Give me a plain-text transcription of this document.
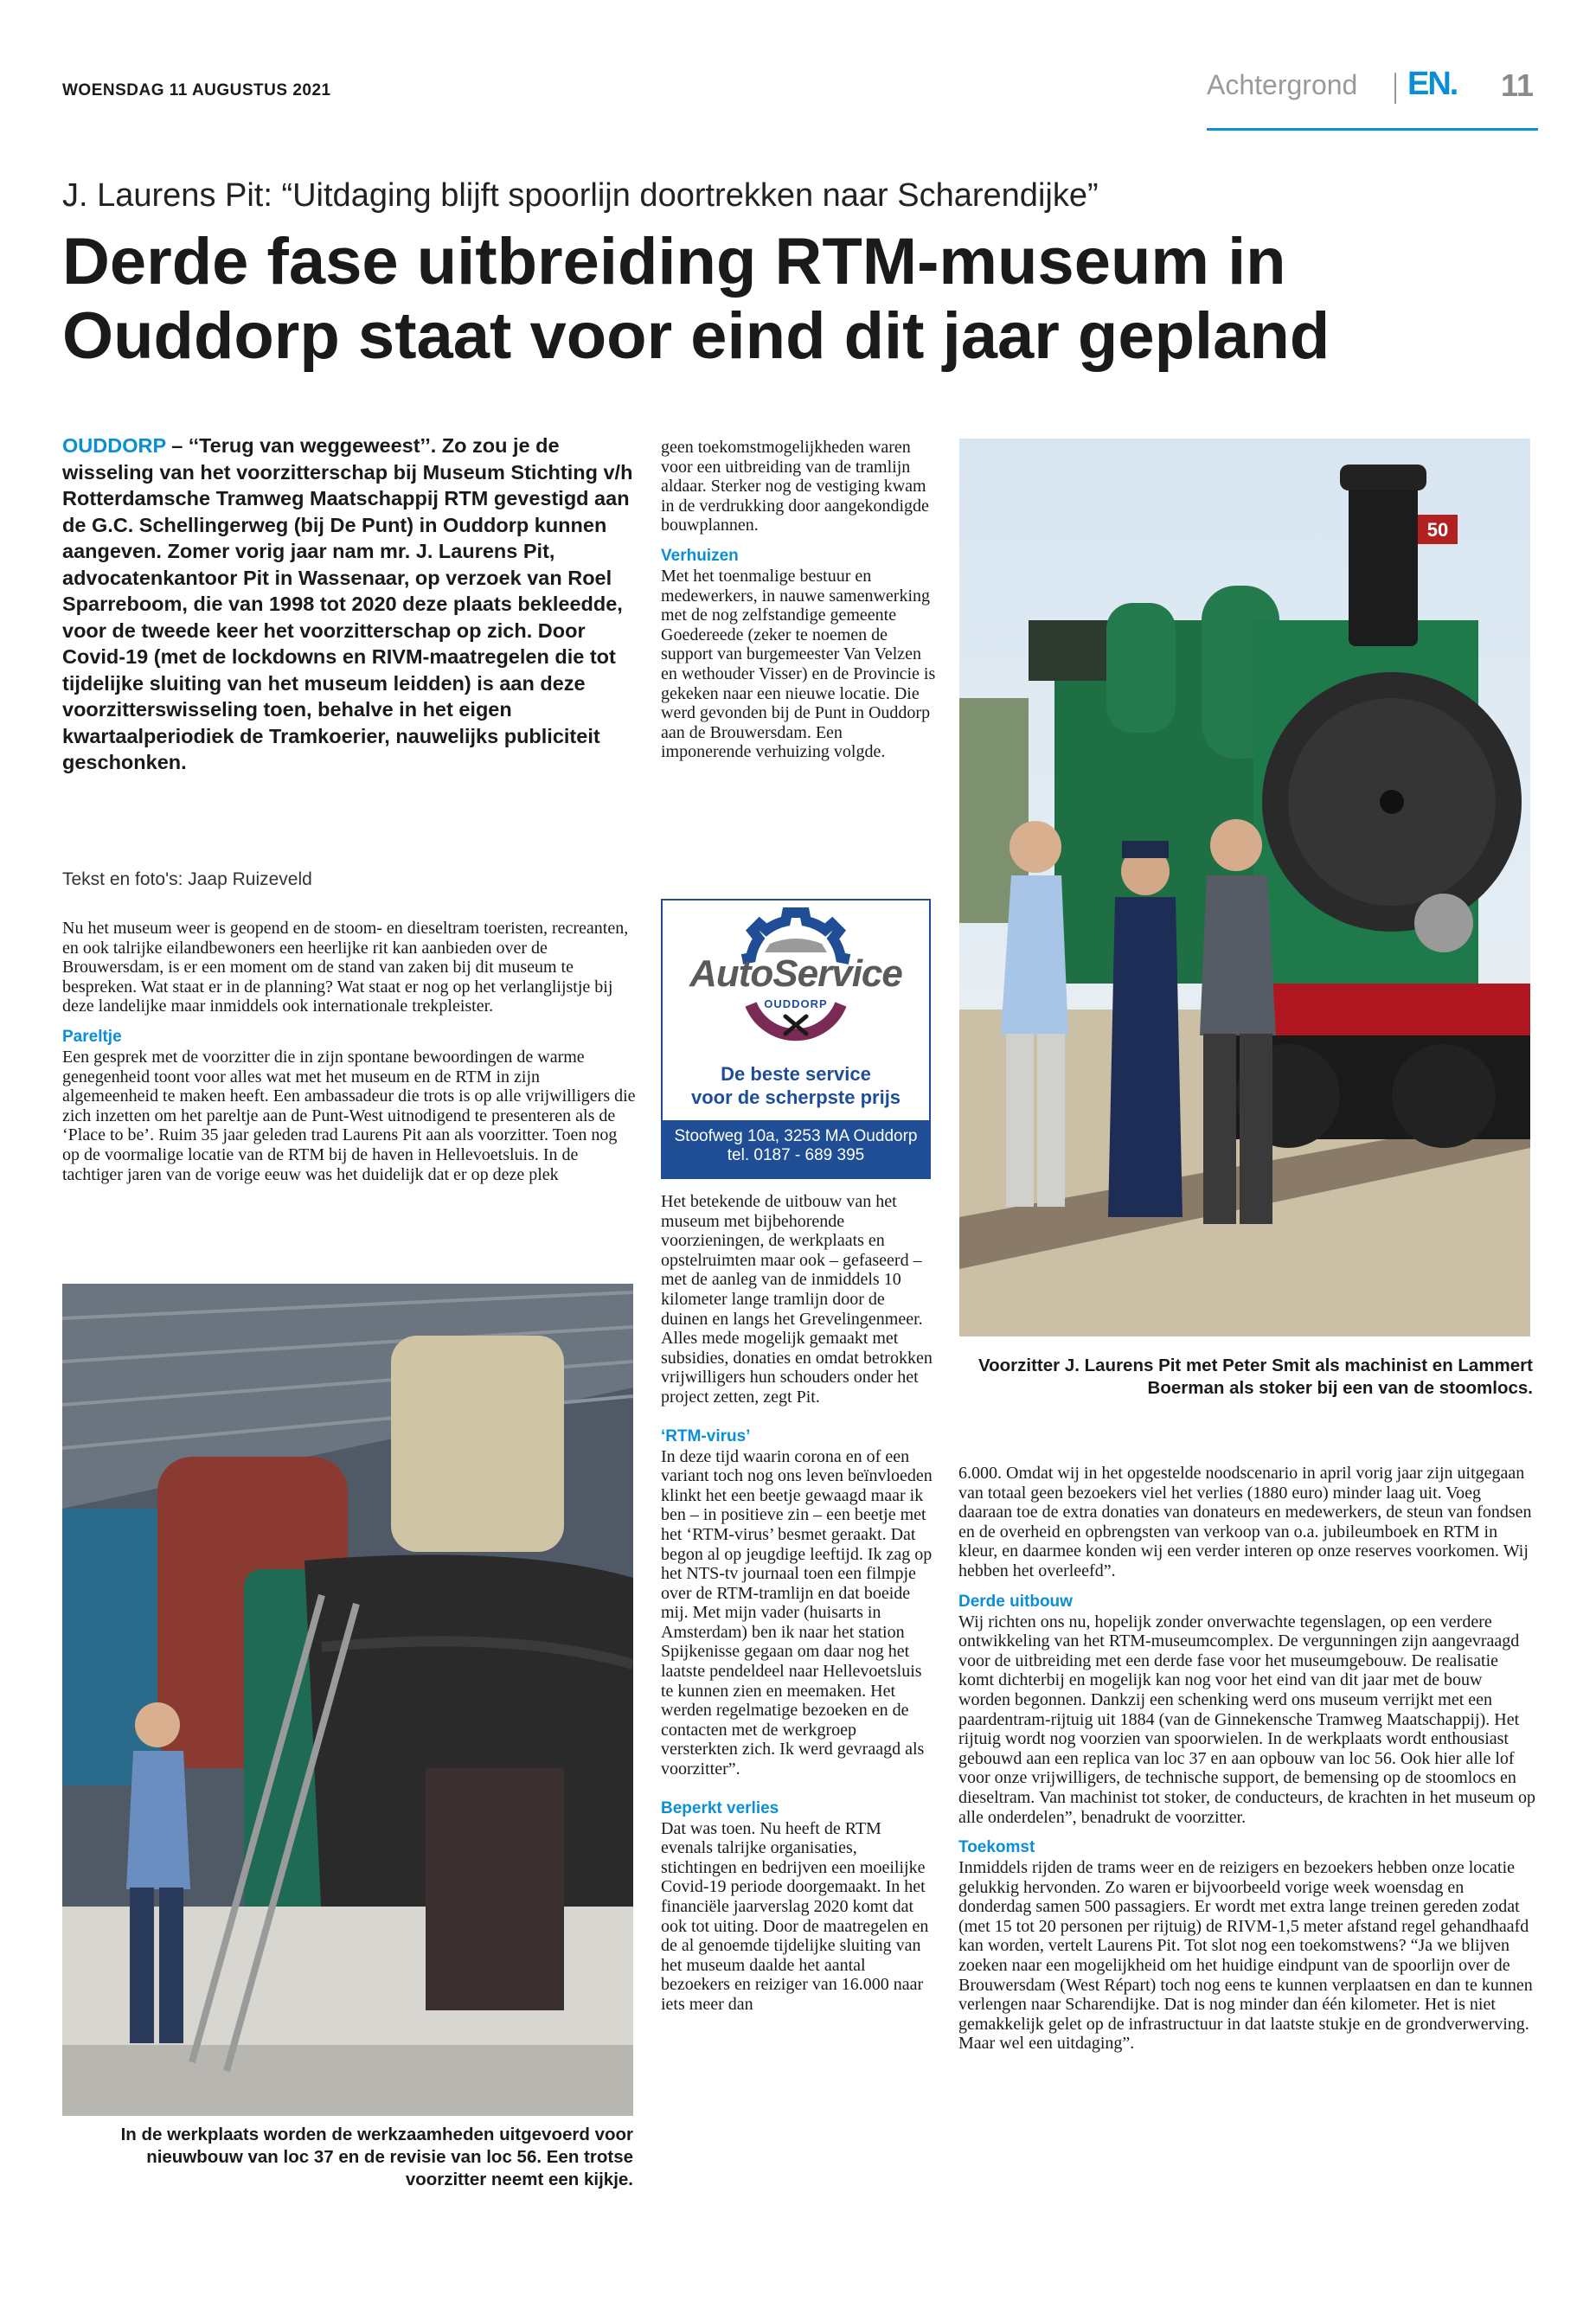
WOENSDAG 11 AUGUSTUS 2021	Achtergrond EN. 11
J. Laurens Pit: “Uitdaging blijft spoorlijn doortrekken naar Scharendijke”
Derde fase uitbreiding RTM-museum in Ouddorp staat voor eind dit jaar gepland
OUDDORP – ‘‘Terug van weggeweest’’. Zo zou je de wisseling van het voorzitterschap bij Museum Stichting v/h Rotterdamsche Tramweg Maatschappij RTM gevestigd aan de G.C. Schellingerweg (bij De Punt) in Ouddorp kunnen aangeven. Zomer vorig jaar nam mr. J. Laurens Pit, advocatenkantoor Pit in Wassenaar, op verzoek van Roel Sparreboom, die van 1998 tot 2020 deze plaats bekleedde, voor de tweede keer het voorzitterschap op zich. Door Covid-19 (met de lockdowns en RIVM-maatregelen die tot tijdelijke sluiting van het museum leidden) is aan deze voorzitterswisseling toen, behalve in het eigen kwartaalperiodiek de Tramkoerier, nauwelijks publiciteit geschonken.
Tekst en foto's: Jaap Ruizeveld

Nu het museum weer is geopend en de stoom- en dieseltram toeristen, recreanten, en ook talrijke eilandbewoners een heerlijke rit kan aanbieden over de Brouwersdam, is er een moment om de stand van zaken bij dit museum te bespreken. Wat staat er in de planning? Wat staat er nog op het verlanglijstje bij deze landelijke maar inmiddels ook internationale trekpleister.

Pareltje

Een gesprek met de voorzitter die in zijn spontane bewoordingen de warme genegenheid toont voor alles wat met het museum en de RTM in zijn algemeenheid te maken heeft. Een ambassadeur die trots is op alle vrijwilligers die zich inzetten om het pareltje aan de Punt-West uitnodigend te presenteren als de ‘Place to be’. Ruim 35 jaar geleden trad Laurens Pit aan als voorzitter. Toen nog op de voormalige locatie van de RTM bij de haven in Hellevoetsluis. In de tachtiger jaren van de vorige eeuw was het duidelijk dat er op deze plek

geen toekomstmogelijkheden waren voor een uitbreiding van de tramlijn aldaar. Sterker nog de vestiging kwam in de verdrukking door aangekondigde bouwplannen.

Verhuizen

Met het toenmalige bestuur en medewerkers, in nauwe samenwerking met de nog zelfstandige gemeente Goedereede (zeker te noemen de support van burgemeester Van Velzen en wethouder Visser) en de Provincie is gekeken naar een nieuwe locatie. Die werd gevonden bij de Punt in Ouddorp aan de Brouwersdam. Een imponerende verhuizing volgde.

AutoService
OUDDORP
De beste service
voor de scherpste prijs
Stoofweg 10a, 3253 MA Ouddorp
tel. 0187 - 689 395

Het betekende de uitbouw van het museum met bijbehorende voorzieningen, de werkplaats en opstelruimten maar ook – gefaseerd – met de aanleg van de inmiddels 10 kilometer lange tramlijn door de duinen en langs het Grevelingenmeer. Alles mede mogelijk gemaakt met subsidies, donaties en omdat betrokken vrijwilligers hun schouders onder het project zetten, zegt Pit.

‘RTM-virus’

In deze tijd waarin corona en of een variant toch nog ons leven beïnvloeden klinkt het een beetje gewaagd maar ik ben – in positieve zin – een beetje met het ‘RTM-virus’ besmet geraakt. Dat begon al op jeugdige leeftijd. Ik zag op het NTS-tv journaal toen een filmpje over de RTM-tramlijn en dat boeide mij. Met mijn vader (huisarts in Amsterdam) ben ik naar het station Spijkenisse gegaan om daar nog het laatste pendeldeel naar Hellevoetsluis te kunnen zien en meemaken. Het werden regelmatige bezoeken en de contacten met de werkgroep versterkten zich. Ik werd gevraagd als voorzitter”.

Beperkt verlies

Dat was toen. Nu heeft de RTM evenals talrijke organisaties, stichtingen en bedrijven een moeilijke Covid-19 periode doorgemaakt. In het financiële jaarverslag 2020 komt dat ook tot uiting. Door de maatregelen en de al genoemde tijdelijke sluiting van het museum daalde het aantal bezoekers en reiziger van 16.000 naar iets meer dan

50
Voorzitter J. Laurens Pit met Peter Smit als machinist en Lammert Boerman als stoker bij een van de stoomlocs.
In de werkplaats worden de werkzaamheden uitgevoerd voor nieuwbouw van loc 37 en de revisie van loc 56. Een trotse voorzitter neemt een kijkje.

6.000. Omdat wij in het opgestelde noodscenario in april vorig jaar zijn uitgegaan van totaal geen bezoekers viel het verlies (1880 euro) minder laag uit. Voeg daaraan toe de extra donaties van donateurs en medewerkers, de steun van fondsen en de overheid en opbrengsten van verkoop van o.a. jubileumboek en RTM in kleur, en daarmee konden wij een verder interen op onze reserves voorkomen. Wij hebben het overleefd”.

Derde uitbouw

Wij richten ons nu, hopelijk zonder onverwachte tegenslagen, op een verdere ontwikkeling van het RTM-museumcomplex. De vergunningen zijn aangevraagd voor de uitbreiding met een derde fase voor het museumgebouw. De realisatie komt dichterbij en mogelijk kan nog voor het eind van dit jaar met de bouw worden begonnen. Dankzij een schenking werd ons museum verrijkt met een paardentram-rijtuig uit 1884 (van de Ginnekensche Tramweg Maatschappij). Het rijtuig wordt nog voorzien van spoorwielen. In de werkplaats wordt enthousiast gebouwd aan een replica van loc 37 en aan opbouw van loc 56. Ook hier alle lof voor onze vrijwilligers, de technische support, de bemensing op de stoomlocs en dieseltram. Van machinist tot stoker, de conducteurs, de krachten in het museum op alle onderdelen”, benadrukt de voorzitter.

Toekomst

Inmiddels rijden de trams weer en de reizigers en bezoekers hebben onze locatie gelukkig hervonden. Zo waren er bijvoorbeeld vorige week woensdag en donderdag samen 500 passagiers. Er wordt met extra lange treinen gereden zodat (met 15 tot 20 personen per rijtuig) de RIVM-1,5 meter afstand regel gehandhaafd kan worden, vertelt Laurens Pit. Tot slot nog een toekomstwens? “Ja we blijven zoeken naar een mogelijkheid om het huidige eindpunt van de spoorlijn over de Brouwersdam (West Répart) toch nog eens te kunnen verplaatsen en dan te kunnen verlengen naar Scharendijke. Dat is nog minder dan één kilometer. Het is niet gemakkelijk gelet op de infrastructuur in dat laatste stukje en de grondverwerving. Maar wel een uitdaging”.
